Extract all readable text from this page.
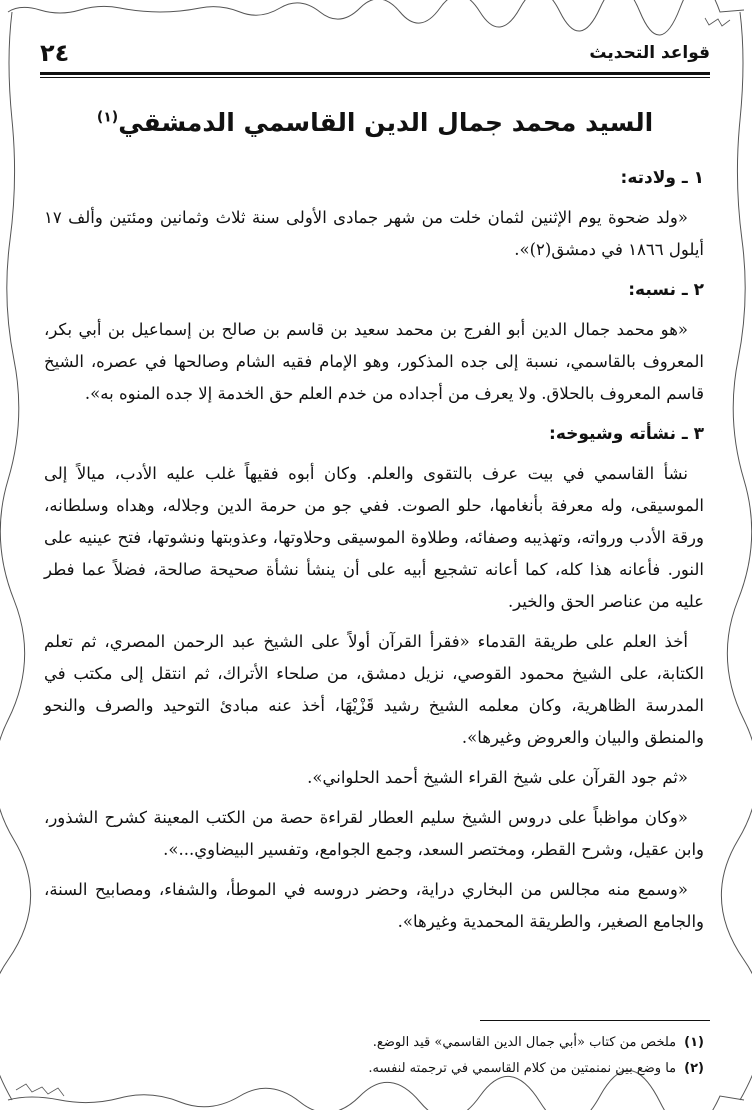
قواعد التحديث
٢٤
السيد محمد جمال الدين القاسمي الدمشقي$^{(١)}$
١ ـ ولادته:

«ولد ضحوة يوم الإثنين لثمان خلت من شهر جمادى الأولى سنة ثلاث وثمانين ومئتين وألف ١٧ أيلول ١٨٦٦ في دمشق(٢)».

٢ ـ نسبه:

«هو محمد جمال الدين أبو الفرج بن محمد سعيد بن قاسم بن صالح بن إسماعيل بن أبي بكر، المعروف بالقاسمي، نسبة إلى جده المذكور، وهو الإمام فقيه الشام وصالحها في عصره، الشيخ قاسم المعروف بالحلاق. ولا يعرف من أجداده من خدم العلم حق الخدمة إلا جده المنوه به».

٣ ـ نشأته وشيوخه:

نشأ القاسمي في بيت عرف بالتقوى والعلم. وكان أبوه فقيهاً غلب عليه الأدب، ميالاً إلى الموسيقى، وله معرفة بأنغامها، حلو الصوت. ففي جو من حرمة الدين وجلاله، وهداه وسلطانه، ورقة الأدب ورواته، وتهذيبه وصفائه، وطلاوة الموسيقى وحلاوتها، وعذوبتها ونشوتها، فتح عينيه على النور. فأعانه هذا كله، كما أعانه تشجيع أبيه على أن ينشأ نشأة صحيحة صالحة، فضلاً عما فطر عليه من عناصر الحق والخير.

أخذ العلم على طريقة القدماء «فقرأ القرآن أولاً على الشيخ عبد الرحمن المصري، ثم تعلم الكتابة، على الشيخ محمود القوصي، نزيل دمشق، من صلحاء الأتراك، ثم انتقل إلى مكتب في المدرسة الظاهرية، وكان معلمه الشيخ رشيد قَزْيْهَا، أخذ عنه مبادئ التوحيد والصرف والنحو والمنطق والبيان والعروض وغيرها».

«ثم جود القرآن على شيخ القراء الشيخ أحمد الحلواني».

«وكان مواظباً على دروس الشيخ سليم العطار لقراءة حصة من الكتب المعينة كشرح الشذور، وابن عقيل، وشرح القطر، ومختصر السعد، وجمع الجوامع، وتفسير البيضاوي...».

«وسمع منه مجالس من البخاري دراية، وحضر دروسه في الموطأ، والشفاء، ومصابيح السنة، والجامع الصغير، والطريقة المحمدية وغيرها».

(١)ملخص من كتاب «أبي جمال الدين القاسمي» قيد الوضع.
(٢)ما وضع بين نمنمتين من كلام القاسمي في ترجمته لنفسه.
